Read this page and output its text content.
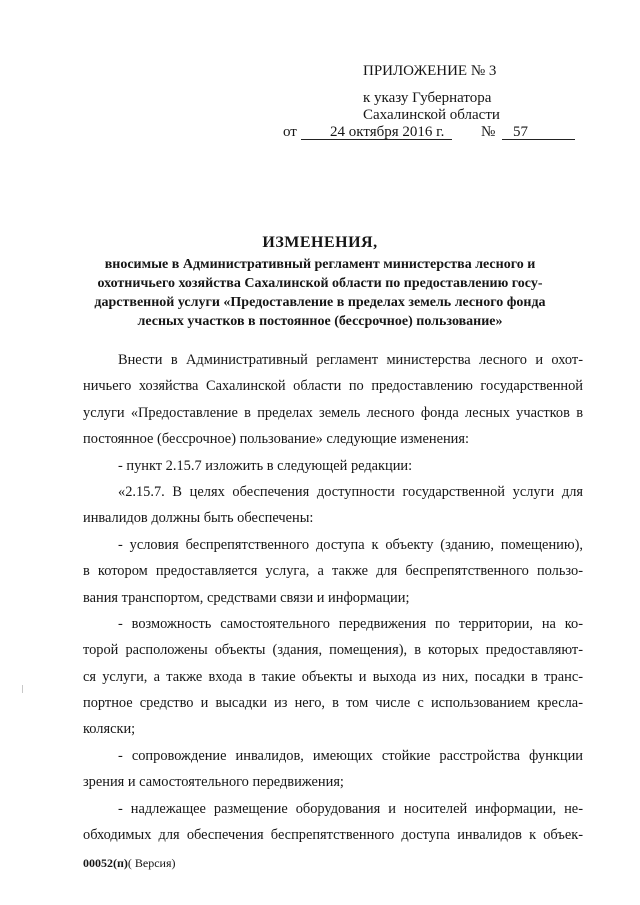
ПРИЛОЖЕНИЕ № 3
к указу Губернатора
Сахалинской области
от 24 октября 2016 г. № 57
ИЗМЕНЕНИЯ,
вносимые в Административный регламент министерства лесного и
охотничьего хозяйства Сахалинской области по предоставлению госу-
дарственной услуги «Предоставление в пределах земель лесного фонда
лесных участков в постоянное (бессрочное) пользование»
Внести в Административный регламент министерства лесного и охот-
ничьего хозяйства Сахалинской области по предоставлению государственной
услуги «Предоставление в пределах земель лесного фонда лесных участков в
постоянное (бессрочное) пользование» следующие изменения:
- пункт 2.15.7 изложить в следующей редакции:
«2.15.7. В целях обеспечения доступности государственной услуги для
инвалидов должны быть обеспечены:
- условия беспрепятственного доступа к объекту (зданию, помещению),
в котором предоставляется услуга, а также для беспрепятственного пользо-
вания транспортом, средствами связи и информации;
- возможность самостоятельного передвижения по территории, на ко-
торой расположены объекты (здания, помещения), в которых предоставляют-
ся услуги, а также входа в такие объекты и выхода из них, посадки в транс-
портное средство и высадки из него, в том числе с использованием кресла-
коляски;
- сопровождение инвалидов, имеющих стойкие расстройства функции
зрения и самостоятельного передвижения;
- надлежащее размещение оборудования и носителей информации, не-
обходимых для обеспечения беспрепятственного доступа инвалидов к объек-
00052(п)( Версия)
